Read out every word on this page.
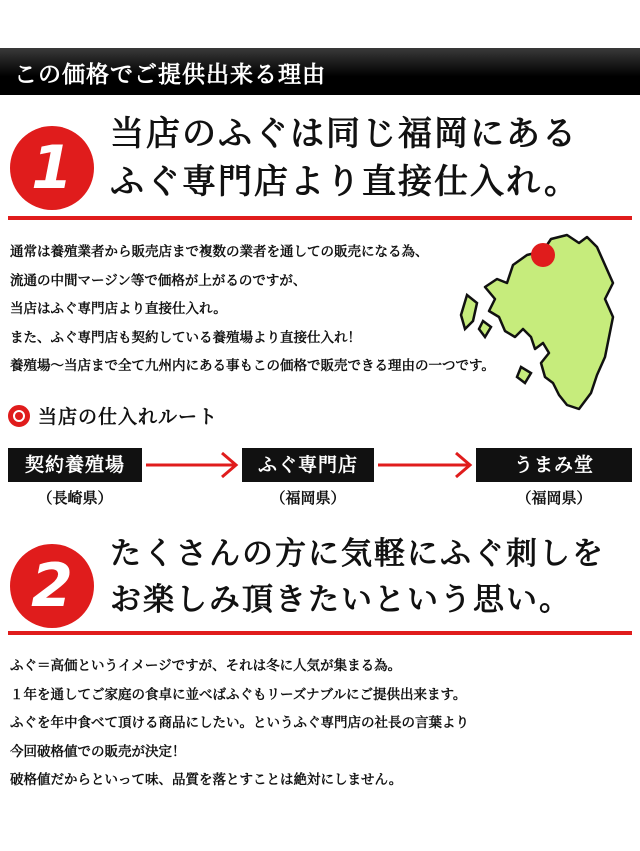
この価格でご提供出来る理由
1	当店のふぐは同じ福岡にある
ふぐ専門店より直接仕入れ。
通常は養殖業者から販売店まで複数の業者を通しての販売になる為、
流通の中間マージン等で価格が上がるのですが、
当店はふぐ専門店より直接仕入れ。
また、ふぐ専門店も契約している養殖場より直接仕入れ！
養殖場～当店まで全て九州内にある事もこの価格で販売できる理由の一つです。
当店の仕入れルート
契約養殖場	ふぐ専門店	うまみ堂
（長崎県）	（福岡県）	（福岡県）
2	たくさんの方に気軽にふぐ刺しを
お楽しみ頂きたいという思い。
ふぐ＝高価というイメージですが、それは冬に人気が集まる為。
１年を通してご家庭の食卓に並べばふぐもリーズナブルにご提供出来ます。
ふぐを年中食べて頂ける商品にしたい。というふぐ専門店の社長の言葉より
今回破格値での販売が決定！
破格値だからといって味、品質を落とすことは絶対にしません。
